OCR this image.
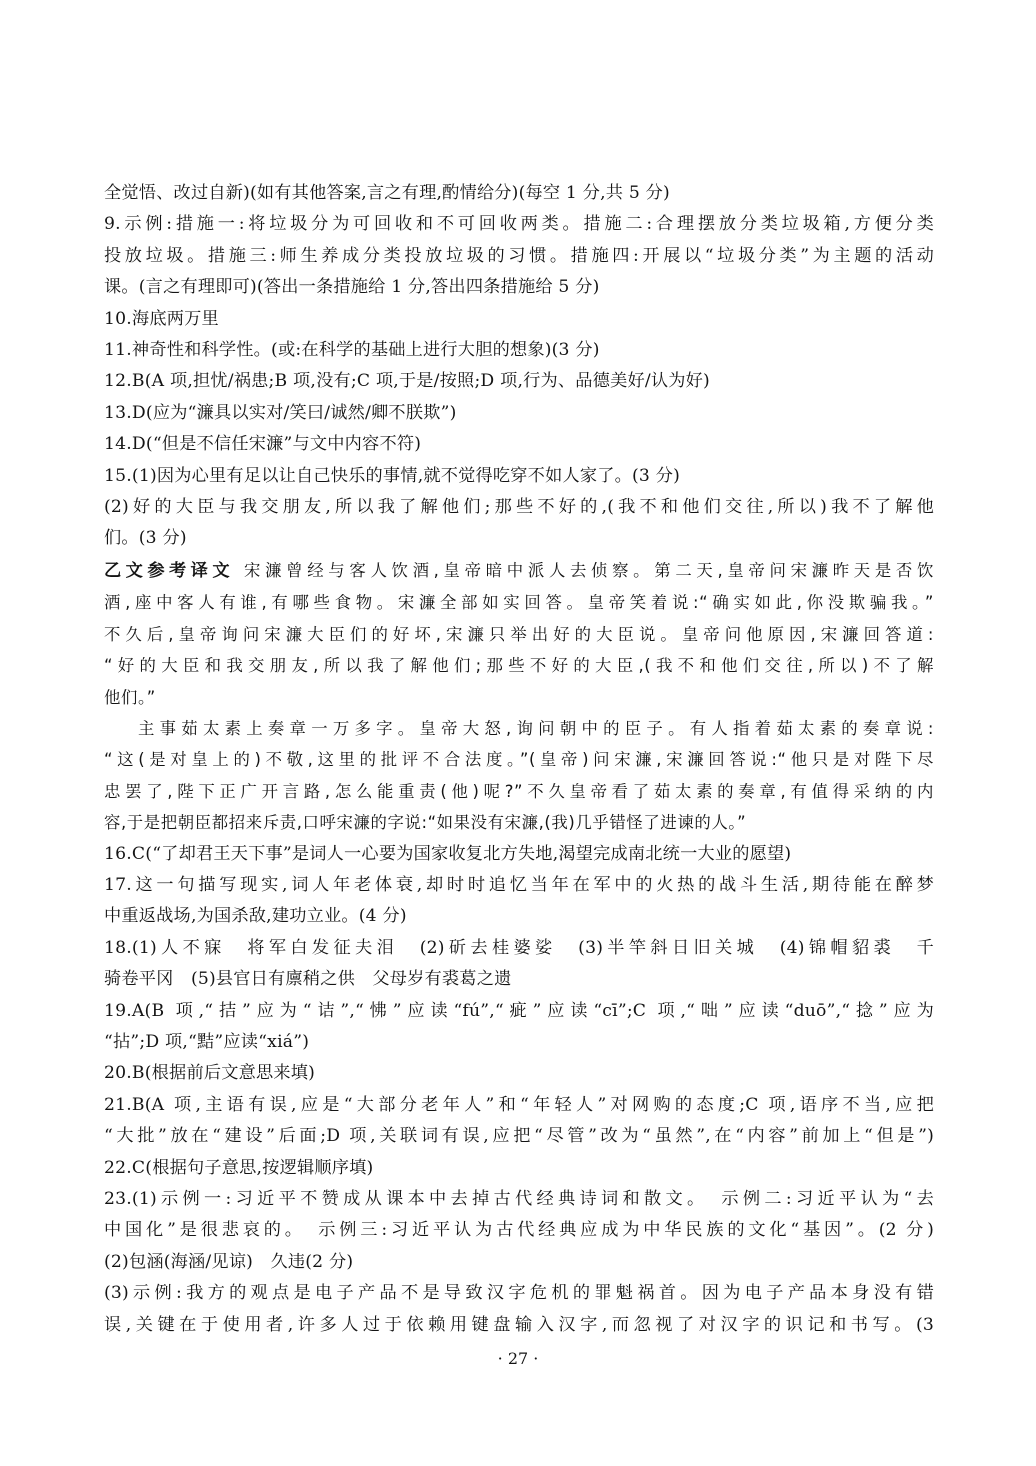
全觉悟、改过自新)(如有其他答案,言之有理,酌情给分)(每空 1 分,共 5 分)
9.示例:措施一:将垃圾分为可回收和不可回收两类。措施二:合理摆放分类垃圾箱,方便分类
投放垃圾。措施三:师生养成分类投放垃圾的习惯。措施四:开展以“垃圾分类”为主题的活动
课。(言之有理即可)(答出一条措施给 1 分,答出四条措施给 5 分)
10.海底两万里
11.神奇性和科学性。(或:在科学的基础上进行大胆的想象)(3 分)
12.B(A 项,担忧/祸患;B 项,没有;C 项,于是/按照;D 项,行为、品德美好/认为好)
13.D(应为“濂具以实对/笑曰/诚然/卿不朕欺”)
14.D(“但是不信任宋濂”与文中内容不符)
15.(1)因为心里有足以让自己快乐的事情,就不觉得吃穿不如人家了。(3 分)
(2)好的大臣与我交朋友,所以我了解他们;那些不好的,(我不和他们交往,所以)我不了解他
们。(3 分)
乙文参考译文 宋濂曾经与客人饮酒,皇帝暗中派人去侦察。第二天,皇帝问宋濂昨天是否饮
酒,座中客人有谁,有哪些食物。宋濂全部如实回答。皇帝笑着说:“确实如此,你没欺骗我。”
不久后,皇帝询问宋濂大臣们的好坏,宋濂只举出好的大臣说。皇帝问他原因,宋濂回答道:
“好的大臣和我交朋友,所以我了解他们;那些不好的大臣,(我不和他们交往,所以)不了解
他们。”
主事茹太素上奏章一万多字。皇帝大怒,询问朝中的臣子。有人指着茹太素的奏章说:
“这(是对皇上的)不敬,这里的批评不合法度。”(皇帝)问宋濂,宋濂回答说:“他只是对陛下尽
忠罢了,陛下正广开言路,怎么能重责(他)呢?”不久皇帝看了茹太素的奏章,有值得采纳的内
容,于是把朝臣都招来斥责,口呼宋濂的字说:“如果没有宋濂,(我)几乎错怪了进谏的人。”
16.C(“了却君王天下事”是词人一心要为国家收复北方失地,渴望完成南北统一大业的愿望)
17.这一句描写现实,词人年老体衰,却时时追忆当年在军中的火热的战斗生活,期待能在醉梦
中重返战场,为国杀敌,建功立业。(4 分)
18.(1)人不寐　将军白发征夫泪　(2)斫去桂婆娑　(3)半竿斜日旧关城　(4)锦帽貂裘　千
骑卷平冈　(5)县官日有廪稍之供　父母岁有裘葛之遗
19.A(B 项,“拮”应为“诘”,“怫”应读“fú”,“疵”应读“cī”;C 项,“咄”应读“duō”,“捻”应为
“拈”;D 项,“黠”应读“xiá”)
20.B(根据前后文意思来填)
21.B(A 项,主语有误,应是“大部分老年人”和“年轻人”对网购的态度;C 项,语序不当,应把
“大批”放在“建设”后面;D 项,关联词有误,应把“尽管”改为“虽然”,在“内容”前加上“但是”)
22.C(根据句子意思,按逻辑顺序填)
23.(1)示例一:习近平不赞成从课本中去掉古代经典诗词和散文。　示例二:习近平认为“去
中国化”是很悲哀的。　示例三:习近平认为古代经典应成为中华民族的文化“基因”。(2 分)
(2)包涵(海涵/见谅)　久违(2 分)
(3)示例:我方的观点是电子产品不是导致汉字危机的罪魁祸首。因为电子产品本身没有错
误,关键在于使用者,许多人过于依赖用键盘输入汉字,而忽视了对汉字的识记和书写。(3
· 27 ·
